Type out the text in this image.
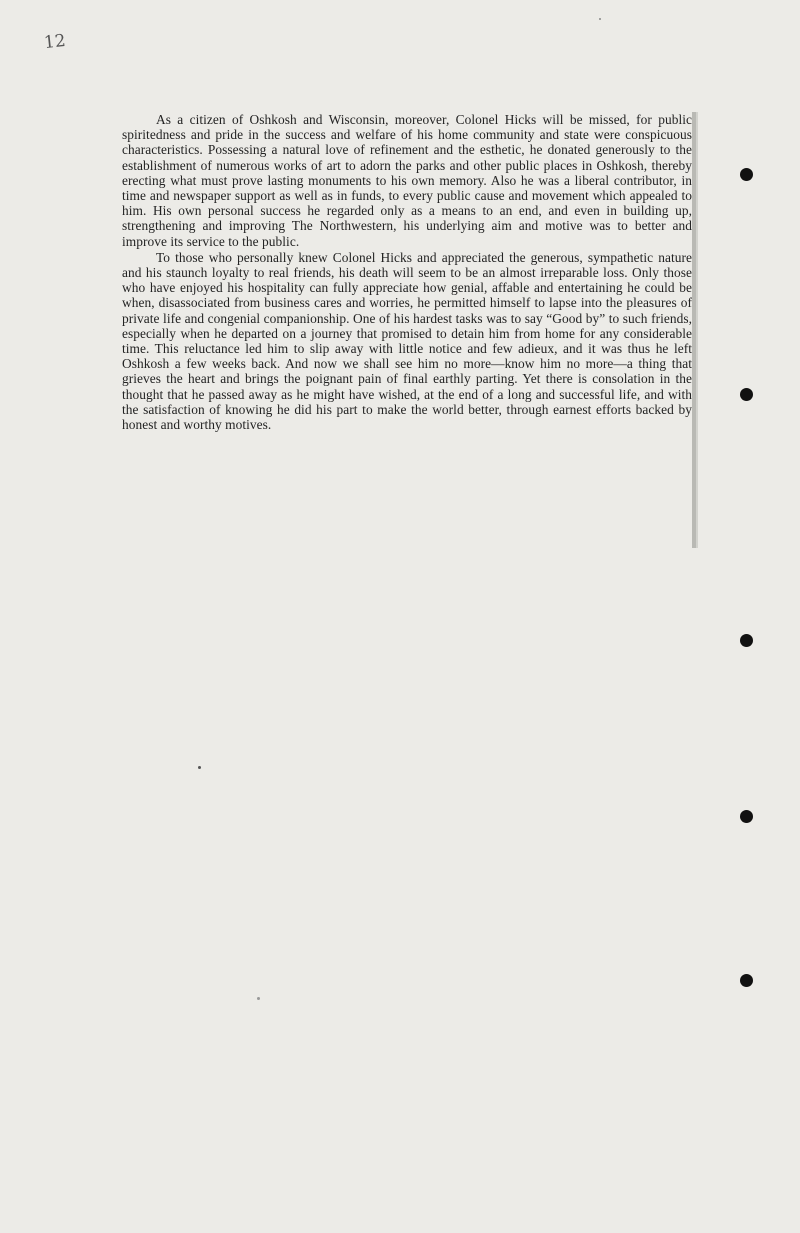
12

As a citizen of Oshkosh and Wisconsin, moreover, Colonel Hicks will be missed, for public spiritedness and pride in the success and welfare of his home community and state were conspicuous characteristics. Possessing a natural love of refinement and the esthetic, he donated generously to the establishment of numerous works of art to adorn the parks and other public places in Oshkosh, thereby erecting what must prove lasting monuments to his own memory. Also he was a liberal contributor, in time and newspaper support as well as in funds, to every public cause and movement which appealed to him. His own personal success he regarded only as a means to an end, and even in building up, strengthening and improving The Northwestern, his underlying aim and motive was to better and improve its service to the public.

To those who personally knew Colonel Hicks and appreciated the generous, sympathetic nature and his staunch loyalty to real friends, his death will seem to be an almost irreparable loss. Only those who have enjoyed his hospitality can fully appreciate how genial, affable and entertaining he could be when, disassociated from business cares and worries, he permitted himself to lapse into the pleasures of private life and congenial companionship. One of his hardest tasks was to say “Good by” to such friends, especially when he departed on a journey that promised to detain him from home for any considerable time. This reluctance led him to slip away with little notice and few adieux, and it was thus he left Oshkosh a few weeks back. And now we shall see him no more—know him no more—a thing that grieves the heart and brings the poignant pain of final earthly parting. Yet there is consolation in the thought that he passed away as he might have wished, at the end of a long and successful life, and with the satisfaction of knowing he did his part to make the world better, through earnest efforts backed by honest and worthy motives.
